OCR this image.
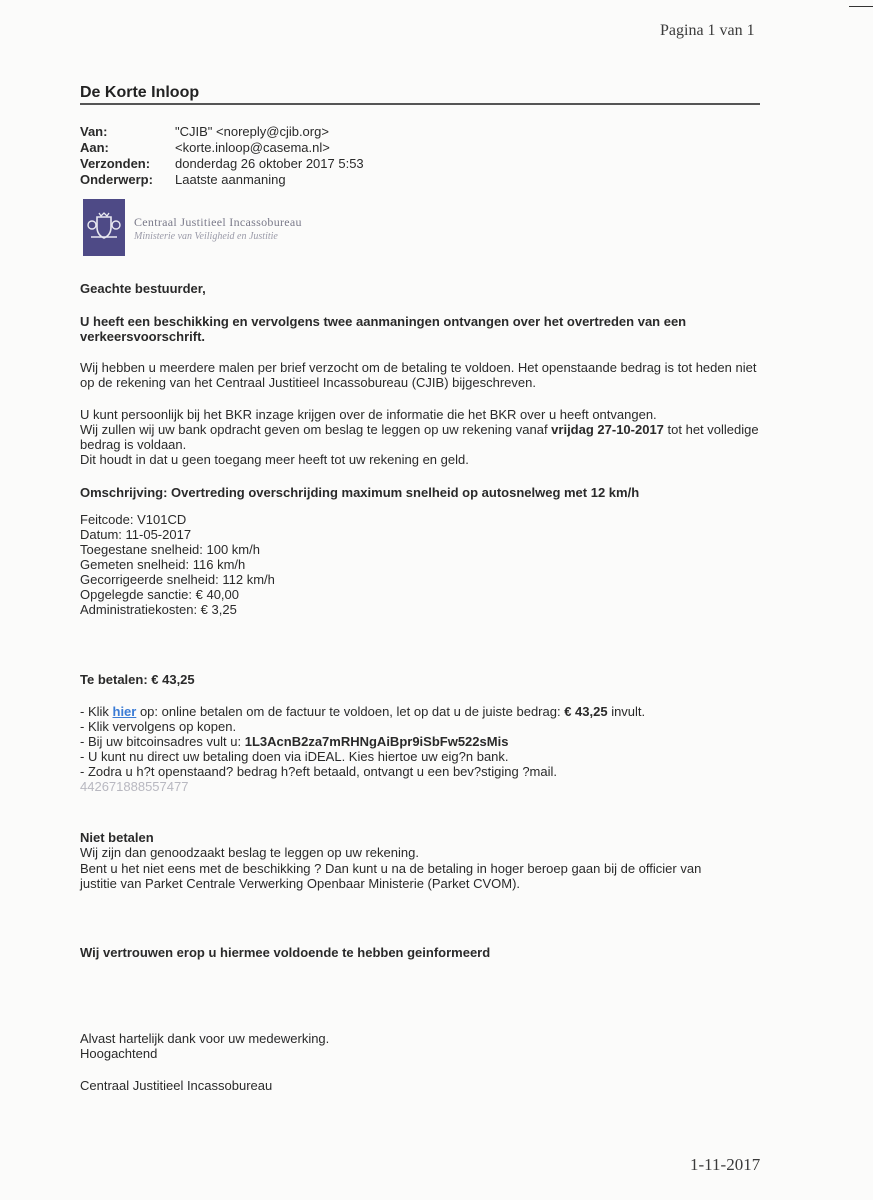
Pagina 1 van 1
De Korte Inloop
Van:	"CJIB" <noreply@cjib.org>
Aan:	<korte.inloop@casema.nl>
Verzonden:	donderdag 26 oktober 2017 5:53
Onderwerp:	Laatste aanmaning
Centraal Justitieel Incassobureau
Ministerie van Veiligheid en Justitie

Geachte bestuurder,

U heeft een beschikking en vervolgens twee aanmaningen ontvangen over het overtreden van een verkeersvoorschrift.

Wij hebben u meerdere malen per brief verzocht om de betaling te voldoen. Het openstaande bedrag is tot heden niet op de rekening van het Centraal Justitieel Incassobureau (CJIB) bijgeschreven.

U kunt persoonlijk bij het BKR inzage krijgen over de informatie die het BKR over u heeft ontvangen.
Wij zullen wij uw bank opdracht geven om beslag te leggen op uw rekening vanaf vrijdag 27-10-2017 tot het volledige bedrag is voldaan.
Dit houdt in dat u geen toegang meer heeft tot uw rekening en geld.

Omschrijving: Overtreding overschrijding maximum snelheid op autosnelweg met 12 km/h

Feitcode: V101CD
Datum: 11-05-2017
Toegestane snelheid: 100 km/h
Gemeten snelheid: 116 km/h
Gecorrigeerde snelheid: 112 km/h
Opgelegde sanctie: € 40,00
Administratiekosten: € 3,25

Te betalen: € 43,25

- Klik hier op: online betalen om de factuur te voldoen, let op dat u de juiste bedrag: € 43,25 invult.
- Klik vervolgens op kopen.
- Bij uw bitcoinsadres vult u: 1L3AcnB2za7mRHNgAiBpr9iSbFw522sMis
- U kunt nu direct uw betaling doen via iDEAL. Kies hiertoe uw eig?n bank.
- Zodra u h?t openstaand? bedrag h?eft betaald, ontvangt u een bev?stiging ?mail.
442671888557477

Niet betalen

Wij zijn dan genoodzaakt beslag te leggen op uw rekening.

Bent u het niet eens met de beschikking ? Dan kunt u na de betaling in hoger beroep gaan bij de officier van justitie van Parket Centrale Verwerking Openbaar Ministerie (Parket CVOM).

Wij vertrouwen erop u hiermee voldoende te hebben geinformeerd

Alvast hartelijk dank voor uw medewerking.

Hoogachtend

Centraal Justitieel Incassobureau

1-11-2017
